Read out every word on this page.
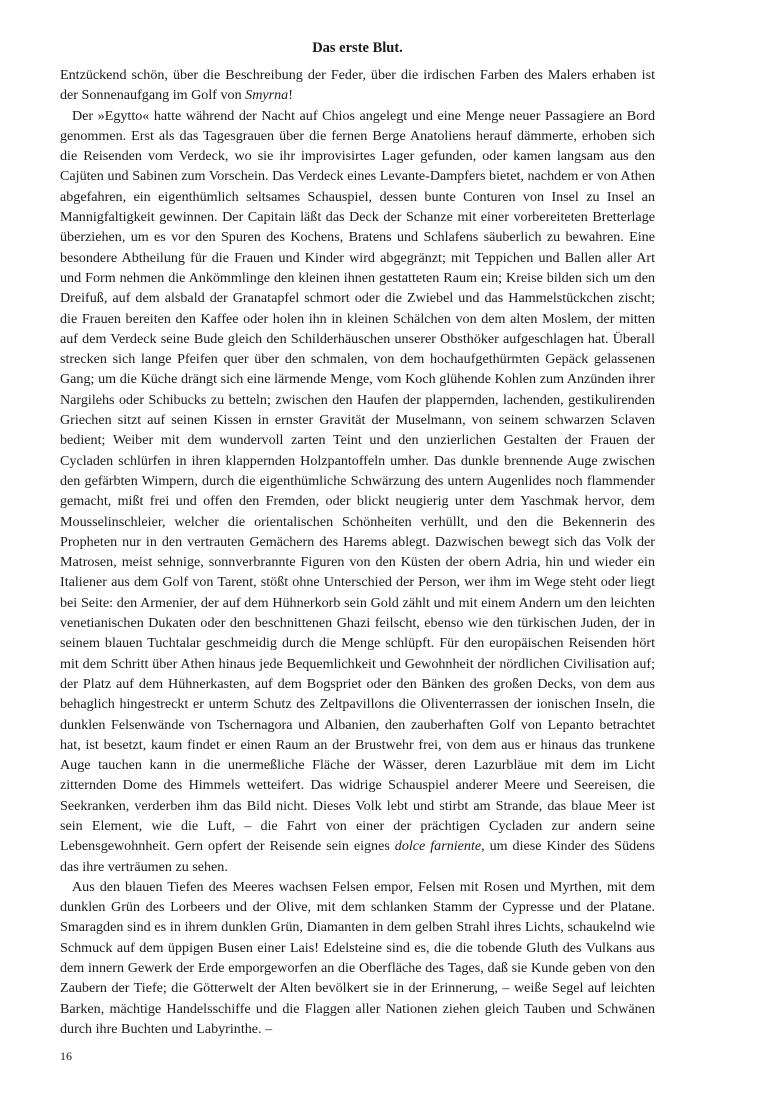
Das erste Blut.

Entzückend schön, über die Beschreibung der Feder, über die irdischen Farben des Malers erhaben ist der Sonnenaufgang im Golf von Smyrna!

Der »Egytto« hatte während der Nacht auf Chios angelegt und eine Menge neuer Passagiere an Bord genommen. Erst als das Tagesgrauen über die fernen Berge Anatoliens herauf dämmerte, erhoben sich die Reisenden vom Verdeck, wo sie ihr improvisirtes Lager gefunden, oder kamen langsam aus den Cajüten und Sabinen zum Vorschein. Das Verdeck eines Levante-Dampfers bietet, nachdem er von Athen abgefahren, ein eigenthümlich seltsames Schauspiel, dessen bunte Conturen von Insel zu Insel an Mannigfaltigkeit gewinnen. Der Capitain läßt das Deck der Schanze mit einer vorbereiteten Bretterlage überziehen, um es vor den Spuren des Kochens, Bratens und Schlafens säuberlich zu bewahren. Eine besondere Abtheilung für die Frauen und Kinder wird abgegränzt; mit Teppichen und Ballen aller Art und Form nehmen die Ankömmlinge den kleinen ihnen gestatteten Raum ein; Kreise bilden sich um den Dreifuß, auf dem alsbald der Granatapfel schmort oder die Zwiebel und das Hammelstückchen zischt; die Frauen bereiten den Kaffee oder holen ihn in kleinen Schälchen von dem alten Moslem, der mitten auf dem Verdeck seine Bude gleich den Schilderhäuschen unserer Obsthöker aufgeschlagen hat. Überall strecken sich lange Pfeifen quer über den schmalen, von dem hochaufgethürmten Gepäck gelassenen Gang; um die Küche drängt sich eine lärmende Menge, vom Koch glühende Kohlen zum Anzünden ihrer Nargilehs oder Schibucks zu betteln; zwischen den Haufen der plappernden, lachenden, gestikulirenden Griechen sitzt auf seinen Kissen in ernster Gravität der Muselmann, von seinem schwarzen Sclaven bedient; Weiber mit dem wundervoll zarten Teint und den unzierlichen Gestalten der Frauen der Cycladen schlürfen in ihren klappernden Holzpantoffeln umher. Das dunkle brennende Auge zwischen den gefärbten Wimpern, durch die eigenthümliche Schwärzung des untern Augenlides noch flammender gemacht, mißt frei und offen den Fremden, oder blickt neugierig unter dem Yaschmak hervor, dem Mousselinschleier, welcher die orientalischen Schönheiten verhüllt, und den die Bekennerin des Propheten nur in den vertrauten Gemächern des Harems ablegt. Dazwischen bewegt sich das Volk der Matrosen, meist sehnige, sonnverbrannte Figuren von den Küsten der obern Adria, hin und wieder ein Italiener aus dem Golf von Tarent, stößt ohne Unterschied der Person, wer ihm im Wege steht oder liegt bei Seite: den Armenier, der auf dem Hühnerkorb sein Gold zählt und mit einem Andern um den leichten venetianischen Dukaten oder den beschnittenen Ghazi feilscht, ebenso wie den türkischen Juden, der in seinem blauen Tuchtalar geschmeidig durch die Menge schlüpft. Für den europäischen Reisenden hört mit dem Schritt über Athen hinaus jede Bequemlichkeit und Gewohnheit der nördlichen Civilisation auf; der Platz auf dem Hühnerkasten, auf dem Bogspriet oder den Bänken des großen Decks, von dem aus behaglich hingestreckt er unterm Schutz des Zeltpavillons die Oliventerrassen der ionischen Inseln, die dunklen Felsenwände von Tschernagora und Albanien, den zauberhaften Golf von Lepanto betrachtet hat, ist besetzt, kaum findet er einen Raum an der Brustwehr frei, von dem aus er hinaus das trunkene Auge tauchen kann in die unermeßliche Fläche der Wässer, deren Lazurbläue mit dem im Licht zitternden Dome des Himmels wetteifert. Das widrige Schauspiel anderer Meere und Seereisen, die Seekranken, verderben ihm das Bild nicht. Dieses Volk lebt und stirbt am Strande, das blaue Meer ist sein Element, wie die Luft, – die Fahrt von einer der prächtigen Cycladen zur andern seine Lebensgewohnheit. Gern opfert der Reisende sein eignes dolce farniente, um diese Kinder des Südens das ihre verträumen zu sehen.

Aus den blauen Tiefen des Meeres wachsen Felsen empor, Felsen mit Rosen und Myrthen, mit dem dunklen Grün des Lorbeers und der Olive, mit dem schlanken Stamm der Cypresse und der Platane. Smaragden sind es in ihrem dunklen Grün, Diamanten in dem gelben Strahl ihres Lichts, schaukelnd wie Schmuck auf dem üppigen Busen einer Lais! Edelsteine sind es, die die tobende Gluth des Vulkans aus dem innern Gewerk der Erde emporgeworfen an die Oberfläche des Tages, daß sie Kunde geben von den Zaubern der Tiefe; die Götterwelt der Alten bevölkert sie in der Erinnerung, – weiße Segel auf leichten Barken, mächtige Handelsschiffe und die Flaggen aller Nationen ziehen gleich Tauben und Schwänen durch ihre Buchten und Labyrinthe. –

16
